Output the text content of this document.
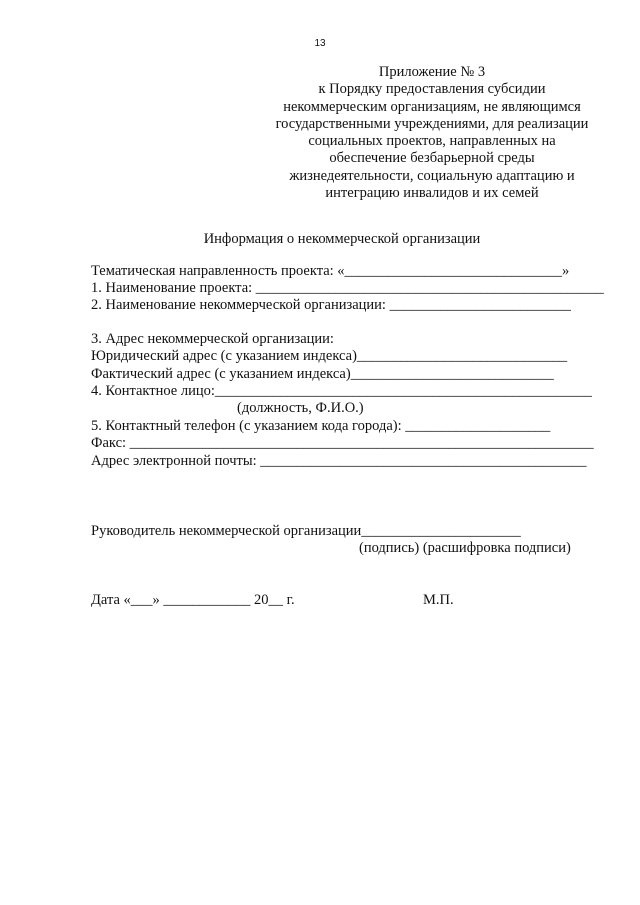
13
Приложение № 3
к Порядку предоставления субсидии
некоммерческим организациям, не являющимся
государственными учреждениями, для реализации
социальных проектов, направленных на
обеспечение безбарьерной среды
жизнедеятельности, социальную адаптацию и
интеграцию инвалидов и их семей
Информация о некоммерческой организации
Тематическая направленность проекта: «______________________________»
1. Наименование проекта: ________________________________________________
2. Наименование некоммерческой организации: _________________________
3. Адрес некоммерческой организации:
Юридический адрес (с указанием индекса)_____________________________
Фактический адрес (с указанием индекса)____________________________
4. Контактное лицо:____________________________________________________
(должность, Ф.И.О.)
5. Контактный телефон (с указанием кода города): ____________________
Факс: ________________________________________________________________
Адрес электронной почты: _____________________________________________
Руководитель некоммерческой организации______________________
(подпись) (расшифровка подписи)
Дата «___» ____________ 20__ г.	М.П.
